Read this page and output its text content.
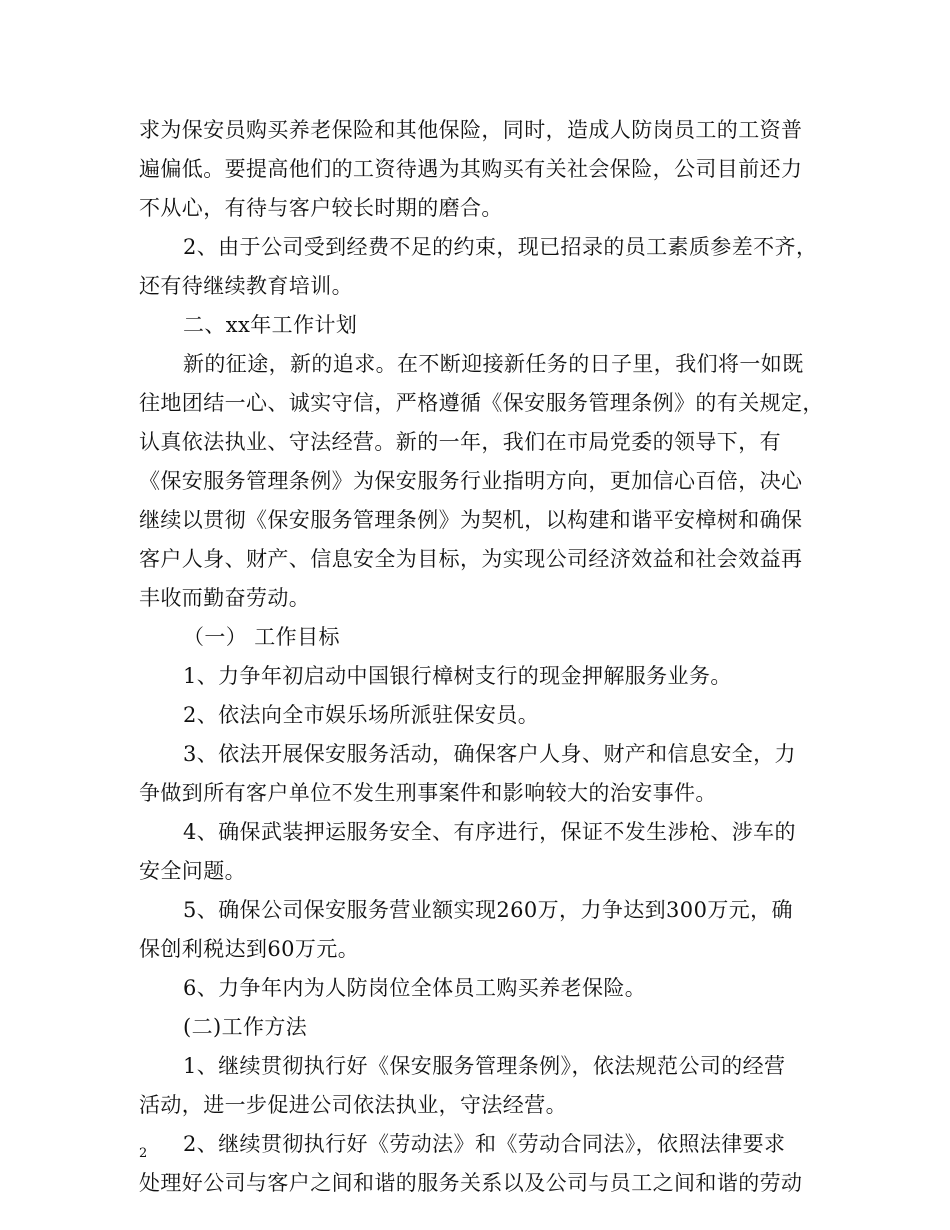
求为保安员购买养老保险和其他保险，同时，造成人防岗员工的工资普
遍偏低。要提高他们的工资待遇为其购买有关社会保险，公司目前还力
不从心，有待与客户较长时期的磨合。
2、由于公司受到经费不足的约束，现已招录的员工素质参差不齐，
还有待继续教育培训。
二、xx年工作计划
新的征途，新的追求。在不断迎接新任务的日子里，我们将一如既
往地团结一心、诚实守信，严格遵循《保安服务管理条例》的有关规定，
认真依法执业、守法经营。新的一年，我们在市局党委的领导下，有
《保安服务管理条例》为保安服务行业指明方向，更加信心百倍，决心
继续以贯彻《保安服务管理条例》为契机，以构建和谐平安樟树和确保
客户人身、财产、信息安全为目标，为实现公司经济效益和社会效益再
丰收而勤奋劳动。
（一） 工作目标
1、力争年初启动中国银行樟树支行的现金押解服务业务。
2、依法向全市娱乐场所派驻保安员。
3、依法开展保安服务活动，确保客户人身、财产和信息安全，力
争做到所有客户单位不发生刑事案件和影响较大的治安事件。
4、确保武装押运服务安全、有序进行，保证不发生涉枪、涉车的
安全问题。
5、确保公司保安服务营业额实现260万，力争达到300万元，确
保创利税达到60万元。
6、力争年内为人防岗位全体员工购买养老保险。
(二)工作方法
1、继续贯彻执行好《保安服务管理条例》，依法规范公司的经营
活动，进一步促进公司依法执业，守法经营。
2、继续贯彻执行好《劳动法》和《劳动合同法》，依照法律要求
处理好公司与客户之间和谐的服务关系以及公司与员工之间和谐的劳动
2
